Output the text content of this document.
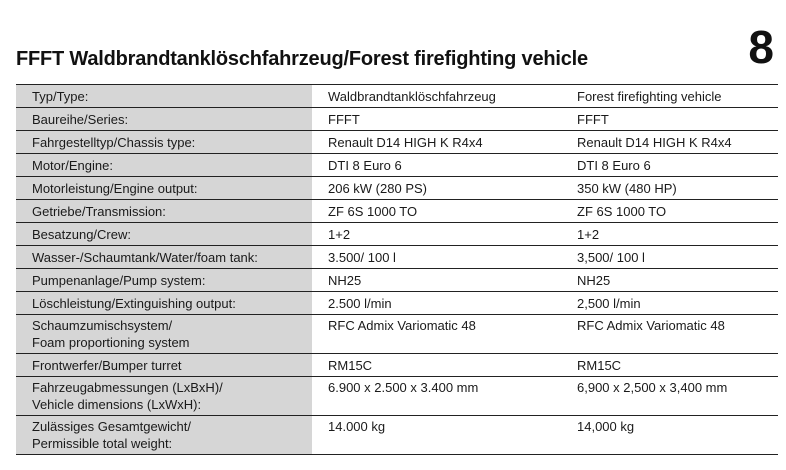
8
FFFT Waldbrandtanklöschfahrzeug/Forest firefighting vehicle
Typ/Type:	Waldbrandtanklöschfahrzeug	Forest firefighting vehicle

Baureihe/Series:	FFFT	FFFT

Fahrgestelltyp/Chassis type:	Renault D14 HIGH K R4x4	Renault D14 HIGH K R4x4

Motor/Engine:	DTI 8 Euro 6	DTI 8 Euro 6

Motorleistung/Engine output:	206 kW (280 PS)	350 kW (480 HP)

Getriebe/Transmission:	ZF 6S 1000 TO	ZF 6S 1000 TO

Besatzung/Crew:	1+2	1+2

Wasser-/Schaumtank/Water/foam tank:	3.500/ 100 l	3,500/ 100 l

Pumpenanlage/Pump system:	NH25	NH25

Löschleistung/Extinguishing output:	2.500 l/min	2,500 l/min

Schaumzumischsystem/
Foam proportioning system	RFC Admix Variomatic 48	RFC Admix Variomatic 48

Frontwerfer/Bumper turret	RM15C	RM15C

Fahrzeugabmessungen (LxBxH)/
Vehicle dimensions (LxWxH):	6.900 x 2.500 x 3.400 mm	6,900 x 2,500 x 3,400 mm

Zulässiges Gesamtgewicht/
Permissible total weight:	14.000 kg	14,000 kg
